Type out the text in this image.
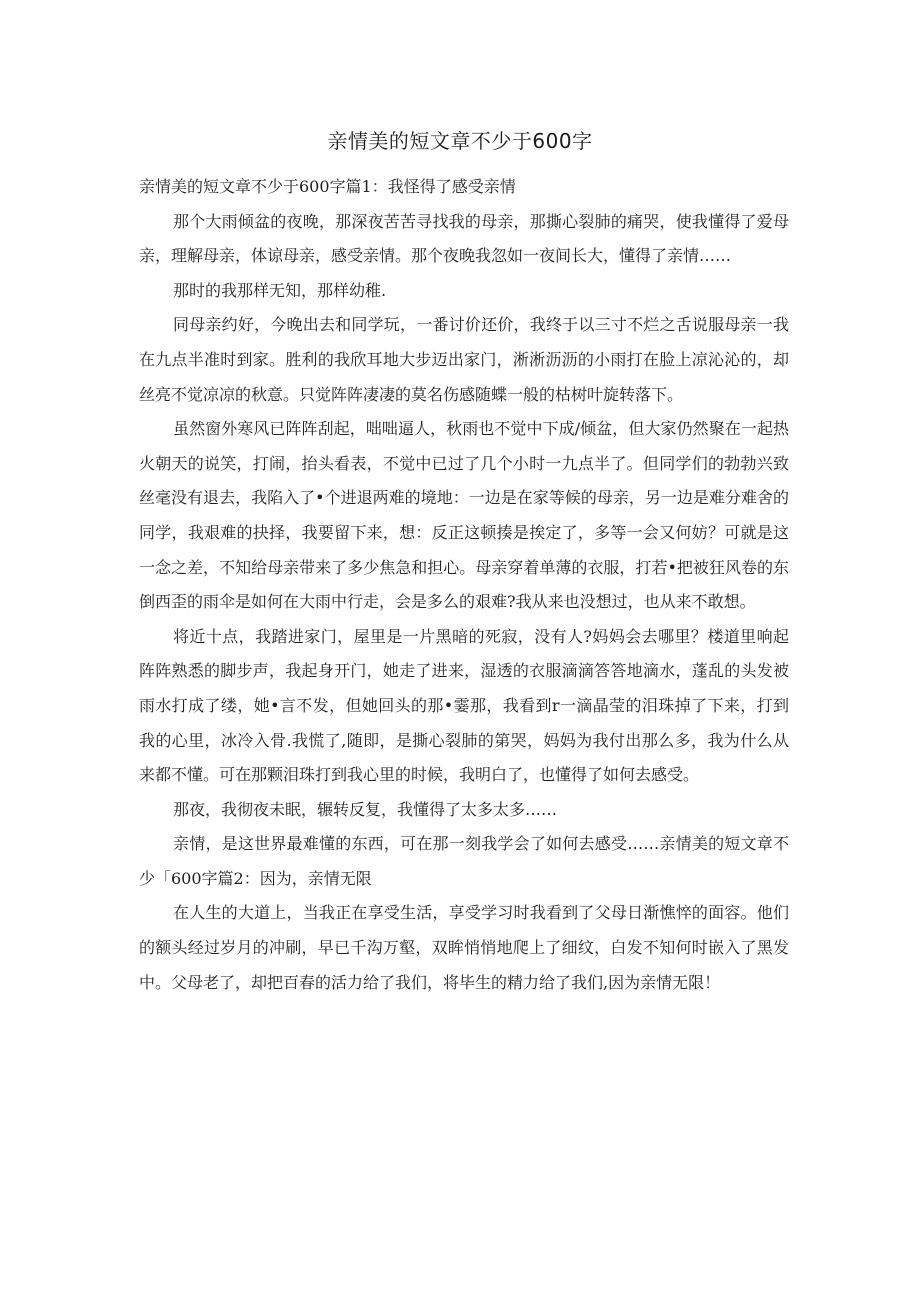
亲情美的短文章不少于600字

亲情美的短文章不少于600字篇1：我怪得了感受亲情

那个大雨倾盆的夜晚，那深夜苦苦寻找我的母亲，那撕心裂肺的痛哭，使我懂得了爱母亲，理解母亲，体谅母亲，感受亲情。那个夜晚我忽如一夜间长大，懂得了亲情……

那时的我那样无知，那样幼稚.

同母亲约好，今晚出去和同学玩，一番讨价还价，我终于以三寸不烂之舌说服母亲一我在九点半准时到家。胜利的我欣耳地大步迈出家门，淅淅沥沥的小雨打在脸上凉沁沁的，却丝亮不觉凉凉的秋意。只觉阵阵凄凄的莫名伤感随蝶一般的枯树叶旋转落下。

虽然窗外寒风已阵阵刮起，咄咄逼人，秋雨也不觉中下成/倾盆，但大家仍然聚在一起热火朝天的说笑，打闹，抬头看表，不觉中已过了几个小时一九点半了。但同学们的勃勃兴致丝毫没有退去，我陷入了•个进退两难的境地：一边是在家等候的母亲，另一边是难分难舍的同学，我艰难的抉择，我要留下来，想：反正这顿揍是挨定了，多等一会又何妨？可就是这一念之差，不知给母亲带来了多少焦急和担心。母亲穿着单薄的衣服，打若•把被狂风卷的东倒西歪的雨伞是如何在大雨中行走，会是多么的艰难?我从来也没想过，也从来不敢想。

将近十点，我踏进家门，屋里是一片黑暗的死寂，没有人?妈妈会去哪里？楼道里响起阵阵熟悉的脚步声，我起身开门，她走了进来，湿透的衣服滴滴答答地滴水，蓬乱的头发被雨水打成了缕，她•言不发，但她回头的那•霎那，我看到r一滴晶莹的泪珠掉了下来，打到我的心里，冰冷入骨.我慌了,随即，是撕心裂肺的第哭，妈妈为我付出那么多，我为什么从来都不懂。可在那颗泪珠打到我心里的时候，我明白了，也懂得了如何去感受。

那夜，我彻夜未眠，辗转反复，我懂得了太多太多……

亲情，是这世界最难懂的东西，可在那一刻我学会了如何去感受……亲情美的短文章不少「600字篇2：因为，亲情无限

在人生的大道上，当我正在享受生活，享受学习时我看到了父母日渐憔悴的面容。他们的额头经过岁月的冲刷，早已千沟万壑，双眸悄悄地爬上了细纹，白发不知何时嵌入了黑发中。父母老了，却把百春的活力给了我们，将毕生的精力给了我们,因为亲情无限！
